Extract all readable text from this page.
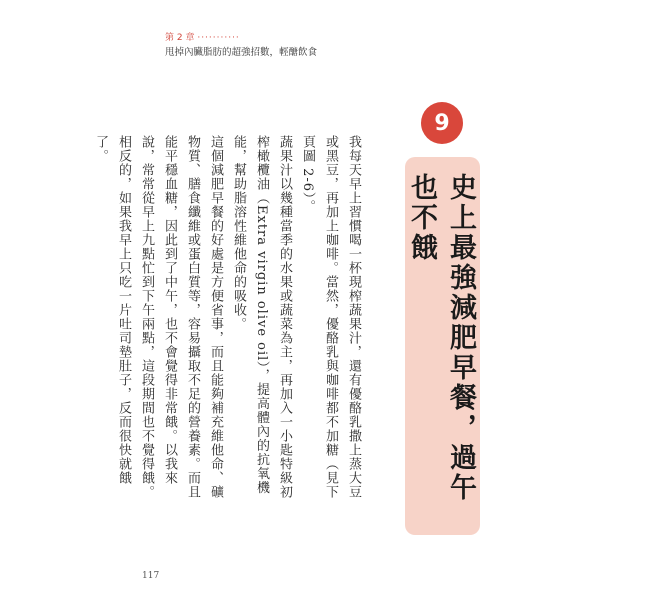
第 2 章 ···········
甩掉內臟脂肪的超強招數，輕醣飲食

我每天早上習慣喝一杯現榨蔬果汁，還有優酪乳撒上蒸大豆或黑豆，再加上咖啡。當然，優酪乳與咖啡都不加糖（見下頁圖 2-6）。

蔬果汁以幾種當季的水果或蔬菜為主，再加入一小匙特級初榨橄欖油（Extra virgin olive oil），提高體內的抗氧機能，幫助脂溶性維他命的吸收。

這個減肥早餐的好處是方便省事，而且能夠補充維他命、礦物質、膳食纖維或蛋白質等，容易攝取不足的營養素。而且能平穩血糖，因此到了中午，也不會覺得非常餓。以我來說，常常從早上九點忙到下午兩點，這段期間也不覺得餓。

相反的，如果我早上只吃一片吐司墊肚子，反而很快就餓了。

9
史上最強減肥早餐，過午也不餓
117
